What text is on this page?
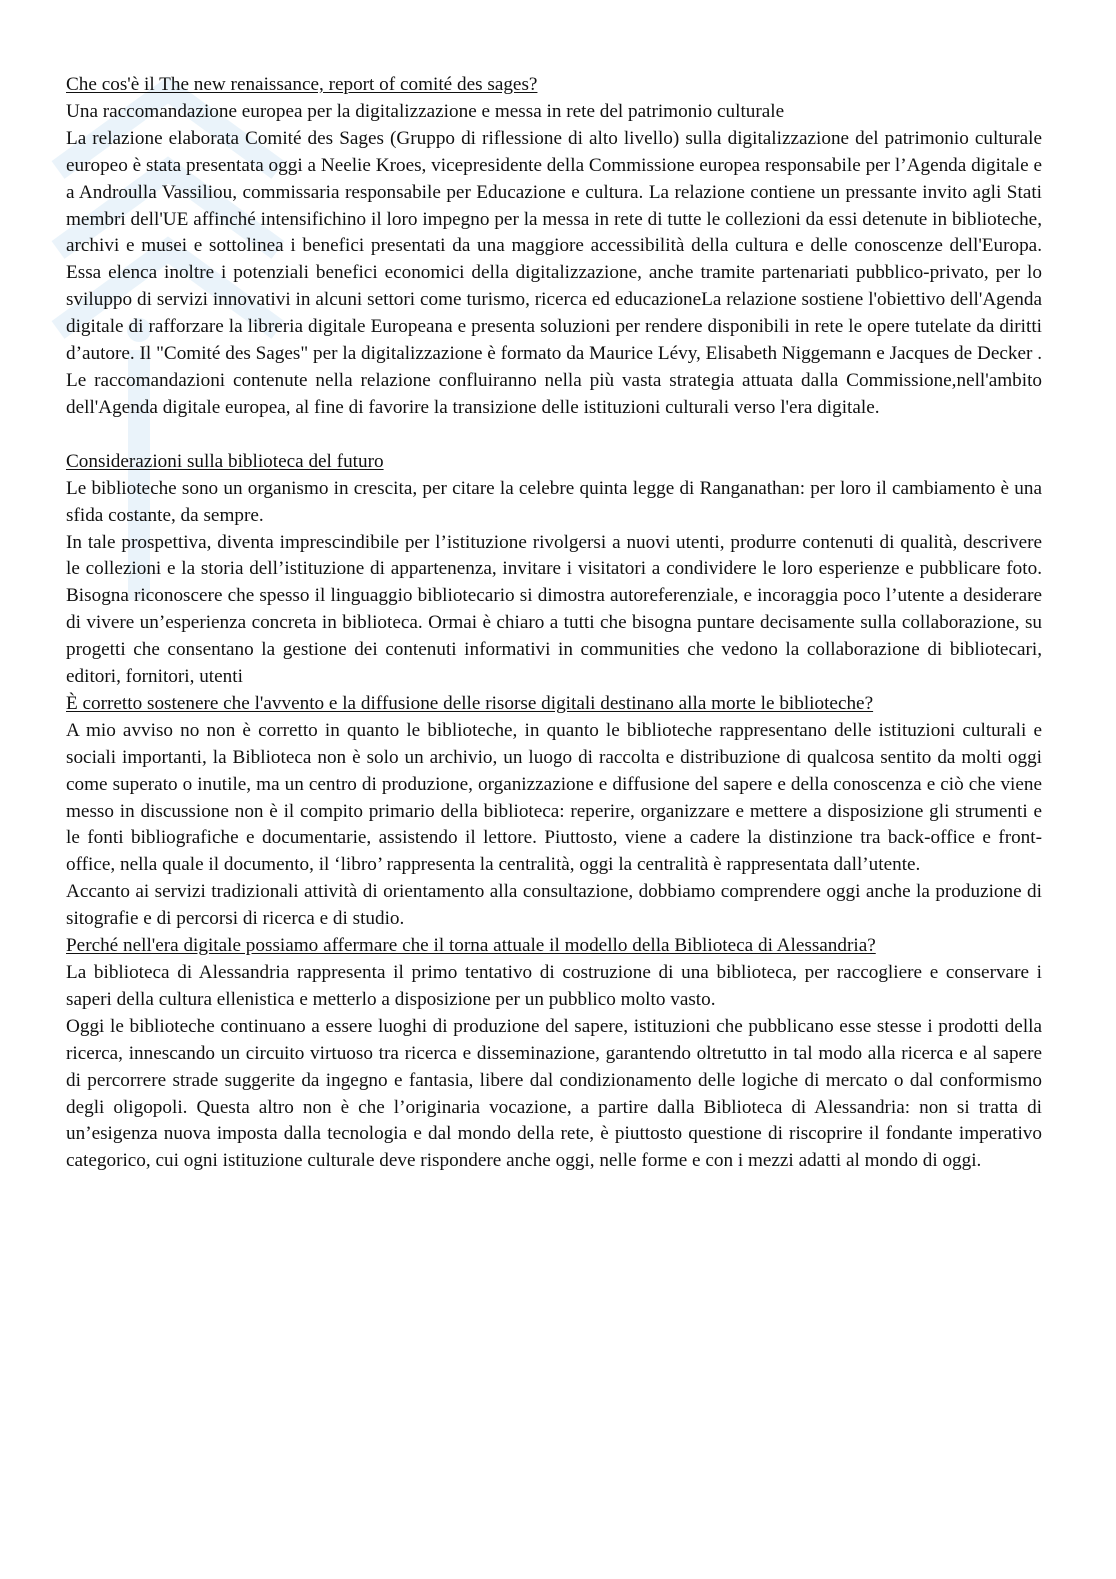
Che cos'è il The new renaissance, report of comité des sages?

Una raccomandazione europea per la digitalizzazione e messa in rete del patrimonio culturale

La relazione elaborata Comité des Sages (Gruppo di riflessione di alto livello) sulla digitalizzazione del patrimonio culturale europeo è stata presentata oggi a Neelie Kroes, vicepresidente della Commissione europea responsabile per l’Agenda digitale e a Androulla Vassiliou, commissaria responsabile per Educazione e cultura. La relazione contiene un pressante invito agli Stati membri dell'UE affinché intensifichino il loro impegno per la messa in rete di tutte le collezioni da essi detenute in biblioteche, archivi e musei e sottolinea i benefici presentati da una maggiore accessibilità della cultura e delle conoscenze dell'Europa. Essa elenca inoltre i potenziali benefici economici della digitalizzazione, anche tramite partenariati pubblico-privato, per lo sviluppo di servizi innovativi in alcuni settori come turismo, ricerca ed educazioneLa relazione sostiene l'obiettivo dell'Agenda digitale di rafforzare la libreria digitale Europeana e presenta soluzioni per rendere disponibili in rete le opere tutelate da diritti d’autore. Il "Comité des Sages" per la digitalizzazione è formato da Maurice Lévy, Elisabeth Niggemann e Jacques de Decker . Le raccomandazioni contenute nella relazione confluiranno nella più vasta strategia attuata dalla Commissione,nell'ambito dell'Agenda digitale europea, al fine di favorire la transizione delle istituzioni culturali verso l'era digitale.

Considerazioni sulla biblioteca del futuro

Le biblioteche sono un organismo in crescita, per citare la celebre quinta legge di Ranganathan: per loro il cambiamento è una sfida costante, da sempre.

In tale prospettiva, diventa imprescindibile per l’istituzione rivolgersi a nuovi utenti, produrre contenuti di qualità, descrivere le collezioni e la storia dell’istituzione di appartenenza, invitare i visitatori a condividere le loro esperienze e pubblicare foto. Bisogna riconoscere che spesso il linguaggio bibliotecario si dimostra autoreferenziale, e incoraggia poco l’utente a desiderare di vivere un’esperienza concreta in biblioteca. Ormai è chiaro a tutti che bisogna puntare decisamente sulla collaborazione, su progetti che consentano la gestione dei contenuti informativi in communities che vedono la collaborazione di bibliotecari, editori, fornitori, utenti

È corretto sostenere che l'avvento e la diffusione delle risorse digitali destinano alla morte le biblioteche?

A mio avviso no non è corretto in quanto le biblioteche, in quanto le biblioteche rappresentano delle istituzioni culturali e sociali importanti, la Biblioteca non è solo un archivio, un luogo di raccolta e distribuzione di qualcosa sentito da molti oggi come superato o inutile, ma un centro di produzione, organizzazione e diffusione del sapere e della conoscenza e ciò che viene messo in discussione non è il compito primario della biblioteca: reperire, organizzare e mettere a disposizione gli strumenti e le fonti bibliografiche e documentarie, assistendo il lettore. Piuttosto, viene a cadere la distinzione tra back-office e front-office, nella quale il documento, il ‘libro’ rappresenta la centralità, oggi la centralità è rappresentata dall’utente.

Accanto ai servizi tradizionali attività di orientamento alla consultazione, dobbiamo comprendere oggi anche la produzione di sitografie e di percorsi di ricerca e di studio.

Perché nell'era digitale possiamo affermare che il torna attuale il modello della Biblioteca di Alessandria?

La biblioteca di Alessandria rappresenta il primo tentativo di costruzione di una biblioteca, per raccogliere e conservare i saperi della cultura ellenistica e metterlo a disposizione per un pubblico molto vasto.

Oggi le biblioteche continuano a essere luoghi di produzione del sapere, istituzioni che pubblicano esse stesse i prodotti della ricerca, innescando un circuito virtuoso tra ricerca e disseminazione, garantendo oltretutto in tal modo alla ricerca e al sapere di percorrere strade suggerite da ingegno e fantasia, libere dal condizionamento delle logiche di mercato o dal conformismo degli oligopoli. Questa altro non è che l’originaria vocazione, a partire dalla Biblioteca di Alessandria: non si tratta di un’esigenza nuova imposta dalla tecnologia e dal mondo della rete, è piuttosto questione di riscoprire il fondante imperativo categorico, cui ogni istituzione culturale deve rispondere anche oggi, nelle forme e con i mezzi adatti al mondo di oggi.
